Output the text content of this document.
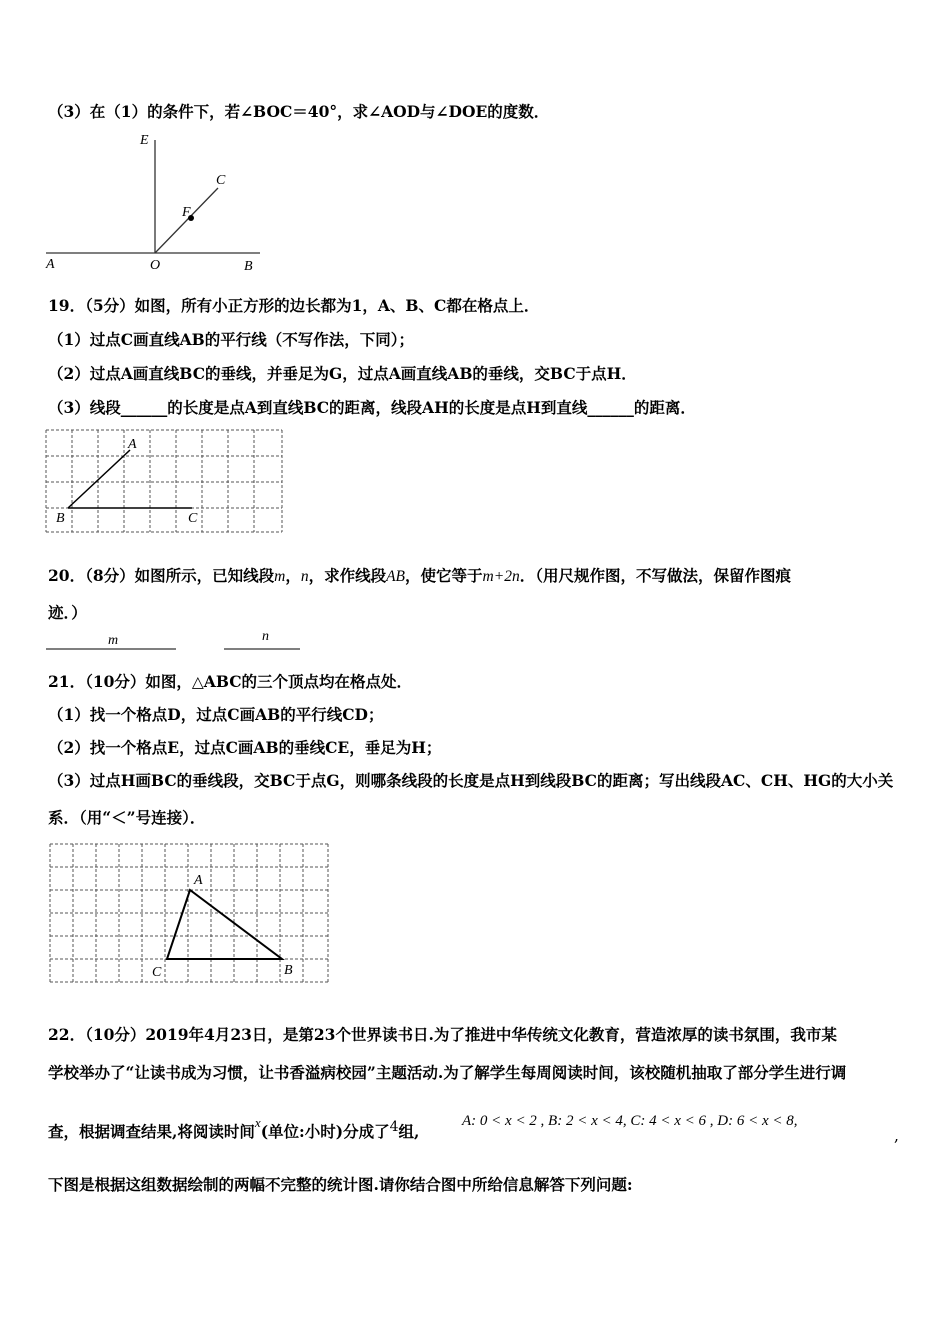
（3）在（1）的条件下，若∠BOC＝40°，求∠AOD与∠DOE的度数．
E
C
F
A	O	B
19．（5分）如图，所有小正方形的边长都为1，A、B、C都在格点上．
（1）过点C画直线AB的平行线（不写作法，下同）；
（2）过点A画直线BC的垂线，并垂足为G，过点A画直线AB的垂线，交BC于点H．
（3）线段______的长度是点A到直线BC的距离，线段AH的长度是点H到直线______的距离．
A
B	C
20．（8分）如图所示，已知线段m，n，求作线段AB，使它等于m+2n．（用尺规作图，不写做法，保留作图痕
迹．）
m	n
21．（10分）如图，△ABC的三个顶点均在格点处．
（1）找一个格点D，过点C画AB的平行线CD；
（2）找一个格点E，过点C画AB的垂线CE，垂足为H；
（3）过点H画BC的垂线段，交BC于点G，则哪条线段的长度是点H到线段BC的距离；写出线段AC、CH、HG的大小关
系．（用“＜”号连接）．
A
C	B
22．（10分）2019年4月23日，是第23个世界读书日.为了推进中华传统文化教育，营造浓厚的读书氛围，我市某
学校举办了“让读书成为习惯，让书香溢病校园”主题活动.为了解学生每周阅读时间，该校随机抽取了部分学生进行调
查，根据调查结果,将阅读时间$^x$(单位:小时)分成了4组,
A: 0 < x < 2 , B: 2 < x < 4, C: 4 < x < 6 , D: 6 < x < 8,
,
下图是根据这组数据绘制的两幅不完整的统计图.请你结合图中所给信息解答下列问题:
